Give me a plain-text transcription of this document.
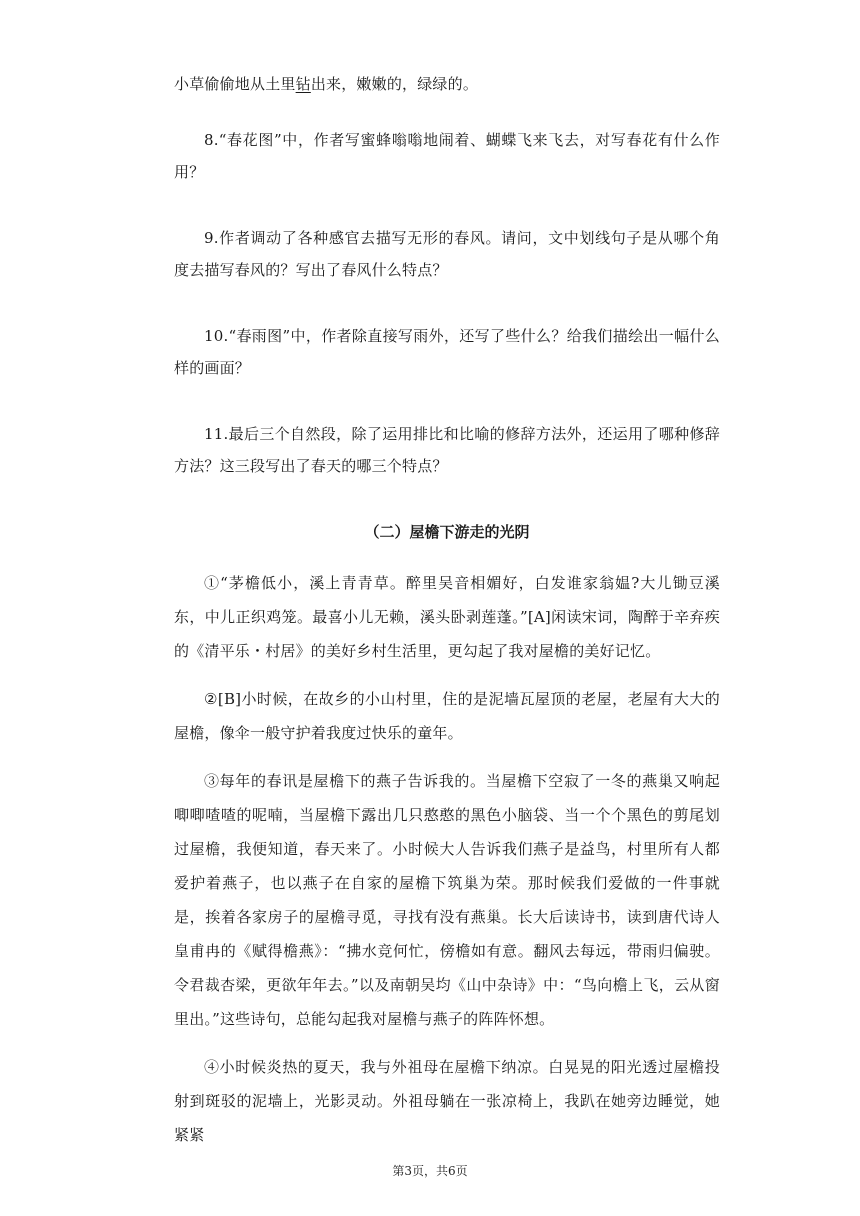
小草偷偷地从土里钻出来，嫩嫩的，绿绿的。

8.“春花图”中，作者写蜜蜂嗡嗡地闹着、蝴蝶飞来飞去，对写春花有什么作用？

9.作者调动了各种感官去描写无形的春风。请问，文中划线句子是从哪个角度去描写春风的？写出了春风什么特点？

10.“春雨图”中，作者除直接写雨外，还写了些什么？给我们描绘出一幅什么样的画面？

11.最后三个自然段，除了运用排比和比喻的修辞方法外，还运用了哪种修辞方法？这三段写出了春天的哪三个特点？

（二）屋檐下游走的光阴

①“茅檐低小，溪上青青草。醉里吴音相媚好，白发谁家翁媪?大儿锄豆溪东，中儿正织鸡笼。最喜小儿无赖，溪头卧剥莲蓬。”[A]闲读宋词，陶醉于辛弃疾的《清平乐・村居》的美好乡村生活里，更勾起了我对屋檐的美好记忆。

②[B]小时候，在故乡的小山村里，住的是泥墙瓦屋顶的老屋，老屋有大大的屋檐，像伞一般守护着我度过快乐的童年。

③每年的春讯是屋檐下的燕子告诉我的。当屋檐下空寂了一冬的燕巢又响起唧唧喳喳的呢喃，当屋檐下露出几只憨憨的黑色小脑袋、当一个个黑色的剪尾划过屋檐，我便知道，春天来了。小时候大人告诉我们燕子是益鸟，村里所有人都爱护着燕子，也以燕子在自家的屋檐下筑巢为荣。那时候我们爱做的一件事就是，挨着各家房子的屋檐寻觅，寻找有没有燕巢。长大后读诗书，读到唐代诗人皇甫冉的《赋得檐燕》：“拂水竞何忙，傍檐如有意。翻风去每远，带雨归偏驶。令君裁杏梁，更欲年年去。”以及南朝吴均《山中杂诗》中：“鸟向檐上飞，云从窗里出。”这些诗句，总能勾起我对屋檐与燕子的阵阵怀想。

④小时候炎热的夏天，我与外祖母在屋檐下纳凉。白晃晃的阳光透过屋檐投射到斑驳的泥墙上，光影灵动。外祖母躺在一张凉椅上，我趴在她旁边睡觉，她紧紧

第3页，共6页
